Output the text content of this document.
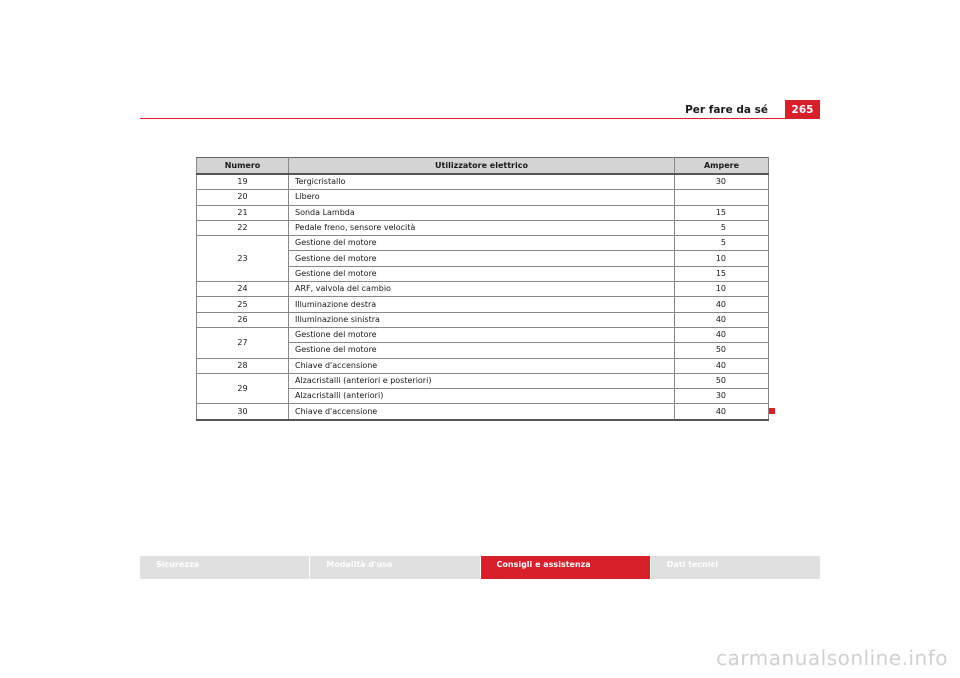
Per fare da sé	265
Numero	Utilizzatore elettrico	Ampere
19	Tergicristallo	30
20	Libero	
21	Sonda Lambda	15
22	Pedale freno, sensore velocità	5
23	Gestione del motore	5
	Gestione del motore	10
	Gestione del motore	15
24	ARF, valvola del cambio	10
25	Illuminazione destra	40
26	Illuminazione sinistra	40
27	Gestione del motore	40
	Gestione del motore	50
28	Chiave d'accensione	40
29	Alzacristalli (anteriori e posteriori)	50
	Alzacristalli (anteriori)	30
30	Chiave d'accensione	40
Sicurezza	Modalità d'uso	Consigli e assistenza	Dati tecnici
carmanualsonline.info
